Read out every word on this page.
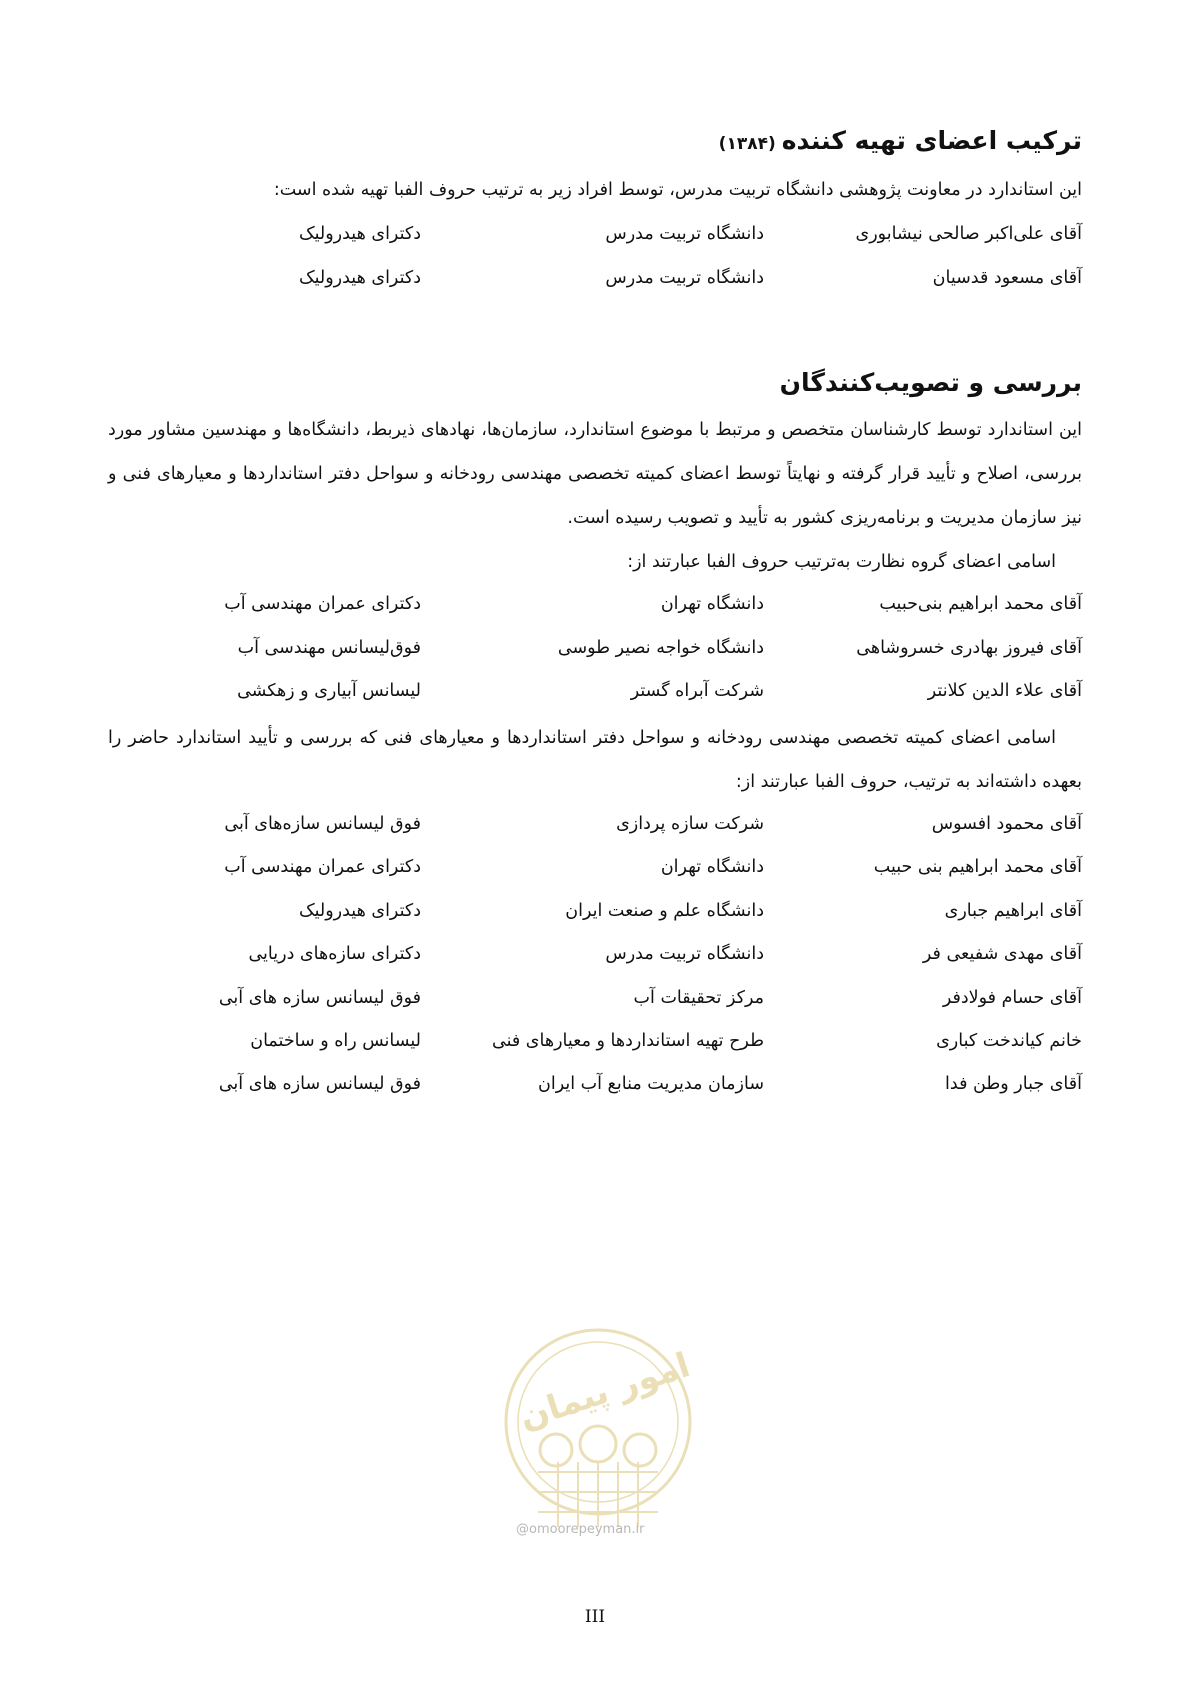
ترکیب اعضای تهیه کننده(۱۳۸۴)
این استاندارد در معاونت پژوهشی دانشگاه تربیت مدرس، توسط افراد زیر به ترتیب حروف الفبا تهیه شده است:
آقای علی‌اکبر صالحی نیشابوری
دانشگاه تربیت مدرس
دکترای هیدرولیک
آقای مسعود قدسیان
دانشگاه تربیت مدرس
دکترای هیدرولیک
بررسی و تصویب‌کنندگان
این استاندارد توسط کارشناسان متخصص و مرتبط با موضوع استاندارد، سازمان‌ها، نهادهای ذیربط، دانشگاه‌ها و مهندسین مشاور مورد بررسی، اصلاح و تأیید قرار گرفته و نهایتاً توسط اعضای کمیته تخصصی مهندسی رودخانه و سواحل دفتر استانداردها و معیارهای فنی و نیز سازمان مدیریت و برنامه‌ریزی کشور به تأیید و تصویب رسیده است.
اسامی اعضای گروه نظارت به‌ترتیب حروف الفبا عبارتند از:
آقای محمد ابراهیم بنی‌حبیب
دانشگاه تهران
دکترای عمران مهندسی آب
آقای فیروز بهادری خسروشاهی
دانشگاه خواجه نصیر طوسی
فوق‌لیسانس مهندسی آب
آقای علاء الدین کلانتر
شرکت آبراه گستر
لیسانس آبیاری و زهکشی
اسامی اعضای کمیته تخصصی مهندسی رودخانه و سواحل دفتر استانداردها و معیارهای فنی که بررسی و تأیید استاندارد حاضر را بعهده داشته‌اند به ترتیب، حروف الفبا عبارتند از:
آقای محمود افسوس
شرکت سازه پردازی
فوق لیسانس سازه‌های آبی
آقای محمد ابراهیم بنی حبیب
دانشگاه تهران
دکترای عمران مهندسی آب
آقای ابراهیم جباری
دانشگاه علم و صنعت ایران
دکترای هیدرولیک
آقای مهدی شفیعی فر
دانشگاه تربیت مدرس
دکترای سازه‌های دریایی
آقای حسام فولادفر
مرکز تحقیقات آب
فوق لیسانس سازه های آبی
خانم کیاندخت کباری
طرح تهیه استانداردها و معیارهای فنی
لیسانس راه و ساختمان
آقای جبار وطن فدا
سازمان مدیریت منابع آب ایران
فوق لیسانس سازه های آبی
امور پیمان
@omoorepeyman.ir
III
